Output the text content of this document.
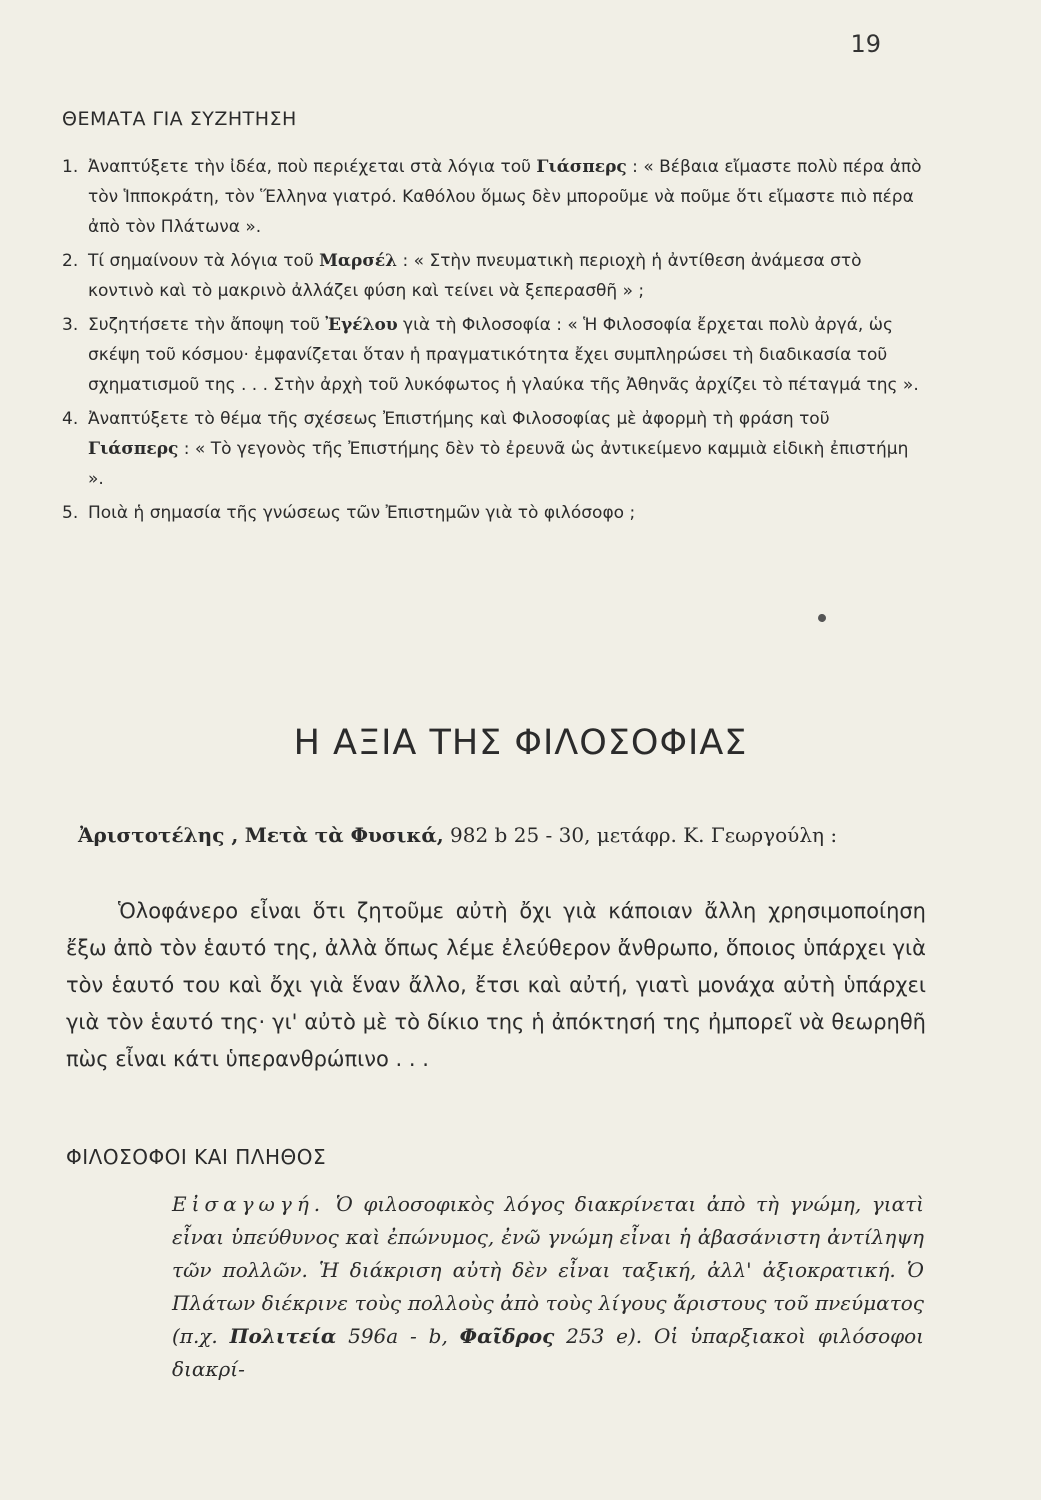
19
ΘΕΜΑΤΑ ΓΙΑ ΣΥΖΗΤΗΣΗ
1. Ἀναπτύξετε τὴν ἰδέα, ποὺ περιέχεται στὰ λόγια τοῦ Γιάσπερς : « Βέβαια εἴμαστε πολὺ πέρα ἀπὸ τὸν Ἱπποκράτη, τὸν Ἕλληνα γιατρό. Καθόλου ὅμως δὲν μποροῦμε νὰ ποῦμε ὅτι εἴμαστε πιὸ πέρα ἀπὸ τὸν Πλάτωνα ».
2. Τί σημαίνουν τὰ λόγια τοῦ Μαρσέλ : « Στὴν πνευματικὴ περιοχὴ ἡ ἀντίθεση ἀνάμεσα στὸ κοντινὸ καὶ τὸ μακρινὸ ἀλλάζει φύση καὶ τείνει νὰ ξεπερασθῆ » ;
3. Συζητήσετε τὴν ἄποψη τοῦ Ἐγέλου γιὰ τὴ Φιλοσοφία : « Ἡ Φιλοσοφία ἔρχεται πολὺ ἀργά, ὡς σκέψη τοῦ κόσμου· ἐμφανίζεται ὅταν ἡ πραγματικότητα ἔχει συμπληρώσει τὴ διαδικασία τοῦ σχηματισμοῦ της . . . Στὴν ἀρχὴ τοῦ λυκόφωτος ἡ γλαύκα τῆς Ἀθηνᾶς ἀρχίζει τὸ πέταγμά της ».
4. Ἀναπτύξετε τὸ θέμα τῆς σχέσεως Ἐπιστήμης καὶ Φιλοσοφίας μὲ ἀφορμὴ τὴ φράση τοῦ Γιάσπερς : « Τὸ γεγονὸς τῆς Ἐπιστήμης δὲν τὸ ἐρευνᾶ ὡς ἀντικείμενο καμμιὰ εἰδικὴ ἐπιστήμη ».
5. Ποιὰ ἡ σημασία τῆς γνώσεως τῶν Ἐπιστημῶν γιὰ τὸ φιλόσοφο ;
Η ΑΞΙΑ ΤΗΣ ΦΙΛΟΣΟΦΙΑΣ
Ἀριστοτέλης , Μετὰ τὰ Φυσικά, 982 b 25 - 30, μετάφρ. Κ. Γεωργούλη :

Ὁλοφάνερο εἶναι ὅτι ζητοῦμε αὐτὴ ὄχι γιὰ κάποιαν ἄλλη χρησιμοποίηση ἔξω ἀπὸ τὸν ἑαυτό της, ἀλλὰ ὅπως λέμε ἐλεύθερον ἄνθρωπο, ὅποιος ὑπάρχει γιὰ τὸν ἑαυτό του καὶ ὄχι γιὰ ἕναν ἄλλο, ἔτσι καὶ αὐτή, γιατὶ μονάχα αὐτὴ ὑπάρχει γιὰ τὸν ἑαυτό της· γι' αὐτὸ μὲ τὸ δίκιο της ἡ ἀπόκτησή της ἠμπορεῖ νὰ θεωρηθῆ πὼς εἶναι κάτι ὑπερανθρώπινο . . .

ΦΙΛΟΣΟΦΟΙ ΚΑΙ ΠΛΗΘΟΣ
Εἰσαγωγή. Ὁ φιλοσοφικὸς λόγος διακρίνεται ἀπὸ τὴ γνώμη, γιατὶ εἶναι ὑπεύθυνος καὶ ἐπώνυμος, ἐνῶ γνώμη εἶναι ἡ ἀβασάνιστη ἀντίληψη τῶν πολλῶν. Ἡ διάκριση αὐτὴ δὲν εἶναι ταξική, ἀλλ' ἀξιοκρατική. Ὁ Πλάτων διέκρινε τοὺς πολλοὺς ἀπὸ τοὺς λίγους ἄριστους τοῦ πνεύματος (π.χ. Πολιτεία 596a - b, Φαῖδρος 253 e). Οἱ ὑπαρξιακοὶ φιλόσοφοι διακρί-
